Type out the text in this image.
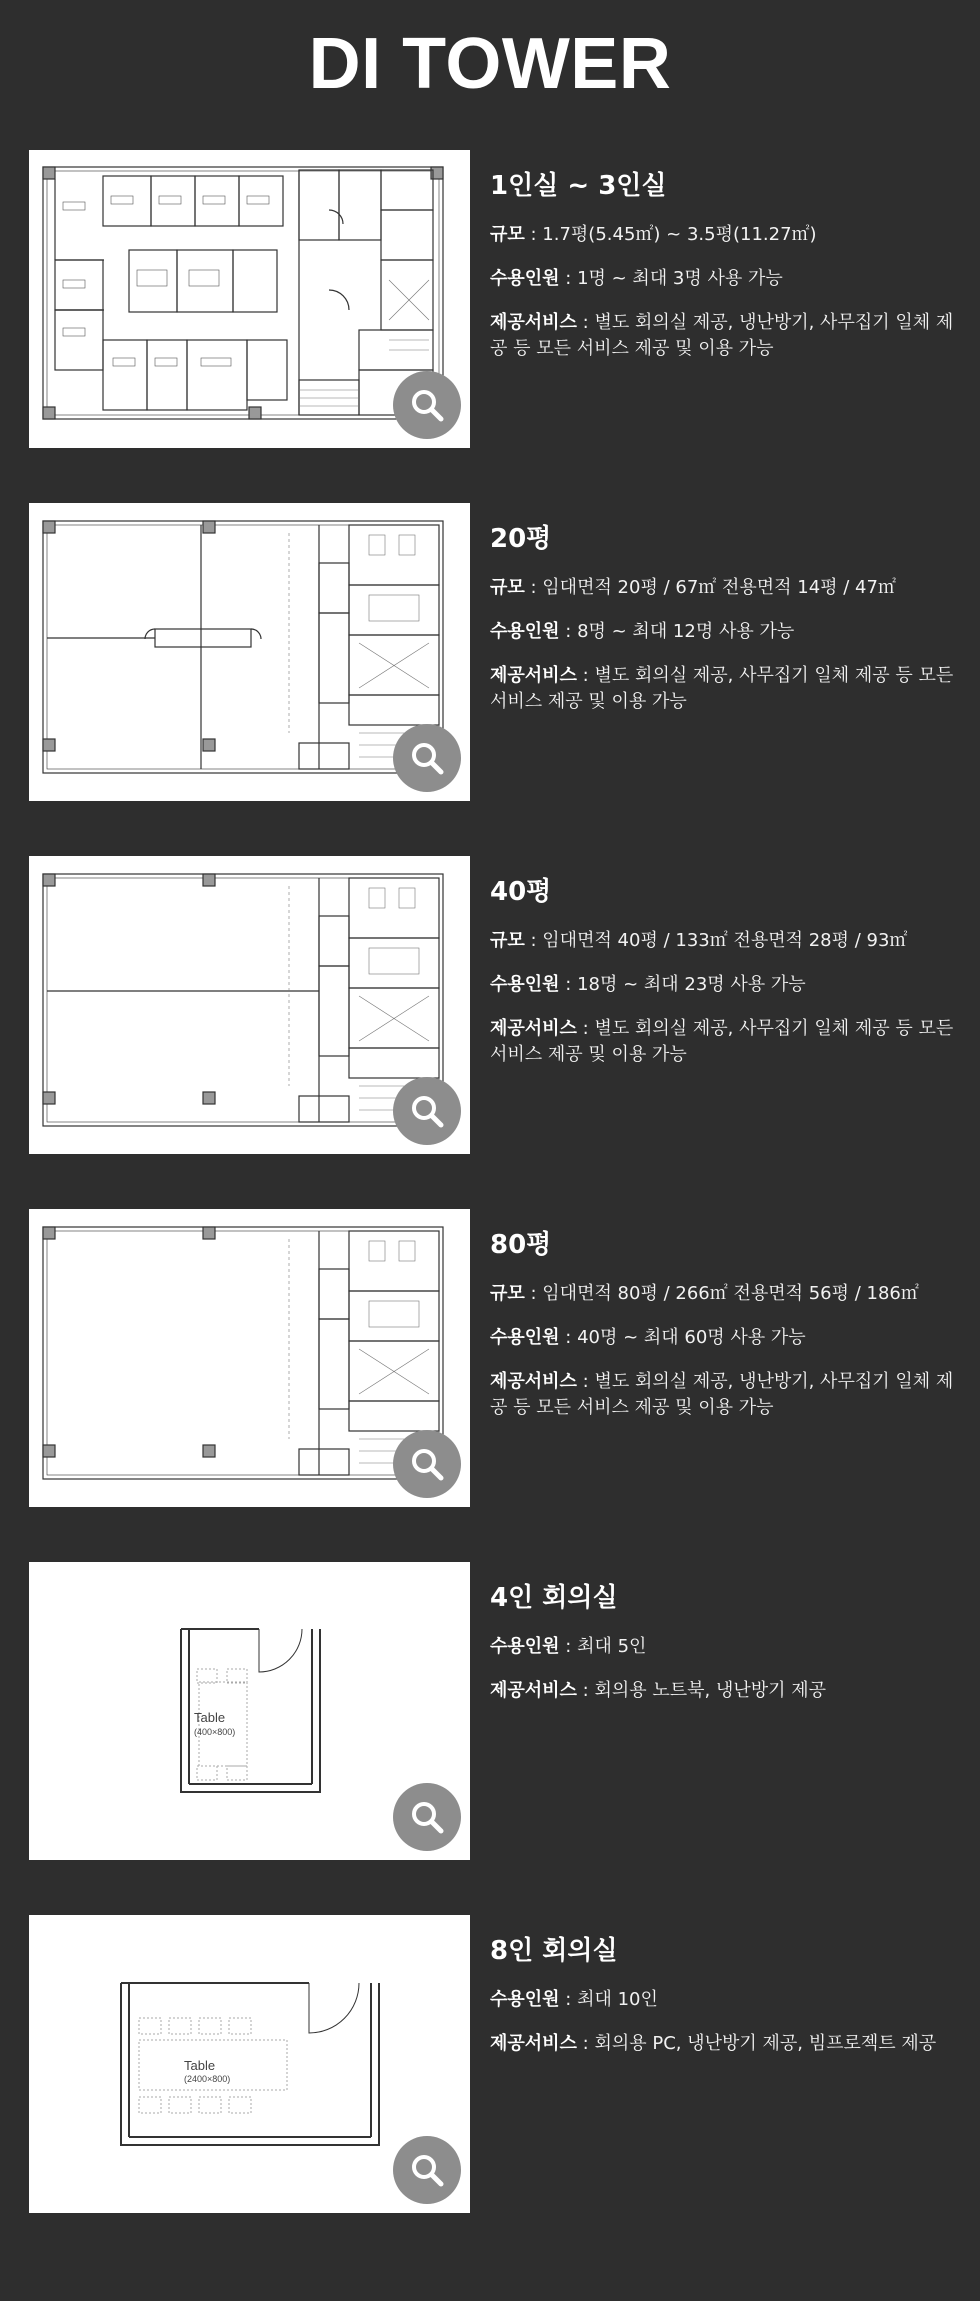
DI TOWER
1인실 ~ 3인실

규모 : 1.7평(5.45㎡) ~ 3.5평(11.27㎡)

수용인원 : 1명 ~ 최대 3명 사용 가능

제공서비스 : 별도 회의실 제공, 냉난방기, 사무집기 일체 제공 등 모든 서비스 제공 및 이용 가능

20평

규모 : 임대면적 20평 / 67㎡ 전용면적 14평 / 47㎡

수용인원 : 8명 ~ 최대 12명 사용 가능

제공서비스 : 별도 회의실 제공, 사무집기 일체 제공 등 모든 서비스 제공 및 이용 가능

40평

규모 : 임대면적 40평 / 133㎡ 전용면적 28평 / 93㎡

수용인원 : 18명 ~ 최대 23명 사용 가능

제공서비스 : 별도 회의실 제공, 사무집기 일체 제공 등 모든 서비스 제공 및 이용 가능

80평

규모 : 임대면적 80평 / 266㎡ 전용면적 56평 / 186㎡

수용인원 : 40명 ~ 최대 60명 사용 가능

제공서비스 : 별도 회의실 제공, 냉난방기, 사무집기 일체 제공 등 모든 서비스 제공 및 이용 가능

Table
(400×800)
4인 회의실

수용인원 : 최대 5인

제공서비스 : 회의용 노트북, 냉난방기 제공

Table
(2400×800)
8인 회의실

수용인원 : 최대 10인

제공서비스 : 회의용 PC, 냉난방기 제공, 빔프로젝트 제공
